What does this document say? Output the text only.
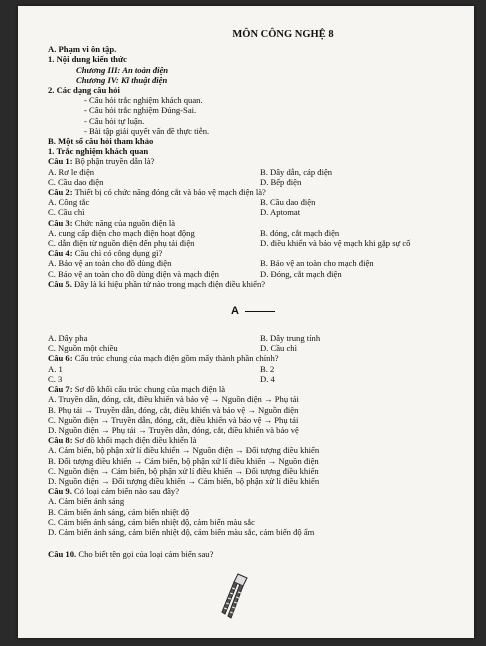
MÔN CÔNG NGHỆ 8
A. Phạm vi ôn tập.
1. Nội dung kiến thức
Chương III: An toàn điện
Chương IV: Kĩ thuật điện
2. Các dạng câu hỏi
- Câu hỏi trắc nghiệm khách quan.
- Câu hỏi trắc nghiệm Đúng-Sai.
- Câu hỏi tự luận.
- Bài tập giải quyết vấn đề thực tiễn.
B. Một số câu hỏi tham khảo
1. Trắc nghiệm khách quan
Câu 1: Bộ phận truyền dẫn là?
A. Rơ le điện	B. Dây dẫn, cáp điện
C. Cầu dao điện	D. Bếp điện
Câu 2: Thiết bị có chức năng đóng cắt và bảo vệ mạch điện là?
A. Công tắc	B. Cầu dao điện
C. Cầu chì	D. Aptomat
Câu 3: Chức năng của nguồn điện là
A. cung cấp điện cho mạch điện hoạt động	B. đóng, cắt mạch điện
C. dẫn điện từ nguồn điện đến phụ tải điện	D. điều khiển và bảo vệ mạch khi gặp sự cố
Câu 4: Cầu chì có công dụng gì?
A. Bảo vệ an toàn cho đồ dùng điện	B. Bảo vệ an toàn cho mạch điện
C. Bảo vệ an toàn cho đồ dùng điện và mạch điện	D. Đóng, cắt mạch điện
Câu 5. Đây là kí hiệu phần tử nào trong mạch điện điều khiển?
A
A. Dây pha	B. Dây trung tính
C. Nguồn một chiều	D. Cầu chì
Câu 6: Cấu trúc chung của mạch điện gồm mấy thành phần chính?
A. 1	B. 2
C. 3	D. 4
Câu 7: Sơ đồ khối cấu trúc chung của mạch điện là
A. Truyền dẫn, đóng, cắt, điều khiển và bảo vệ → Nguồn điện → Phụ tải
B. Phụ tải → Truyền dẫn, đóng, cắt, điều khiển và bảo vệ → Nguồn điện
C. Nguồn điện → Truyền dẫn, đóng, cắt, điều khiển và bảo vệ → Phụ tải
D. Nguồn điện → Phụ tải → Truyền dẫn, đóng, cắt, điều khiển và bảo vệ
Câu 8: Sơ đồ khối mạch điện điều khiển là
A. Cảm biến, bộ phận xử lí điều khiển → Nguồn điện → Đối tượng điều khiển
B. Đối tượng điều khiển → Cảm biến, bộ phận xử lí điều khiển → Nguồn điện
C. Nguồn điện → Cảm biến, bộ phận xử lí điều khiển → Đối tượng điều khiển
D. Nguồn điện → Đối tượng điều khiển → Cảm biến, bộ phận xử lí điều khiển
Câu 9. Có loại cảm biến nào sau đây?
A. Cảm biến ánh sáng
B. Cảm biến ánh sáng, cảm biến nhiệt độ
C. Cảm biến ánh sáng, cảm biến nhiệt độ, cảm biến màu sắc
D. Cảm biến ánh sáng, cảm biến nhiệt độ, cảm biến màu sắc, cảm biến độ ẩm
Câu 10. Cho biết tên gọi của loại cảm biến sau?
